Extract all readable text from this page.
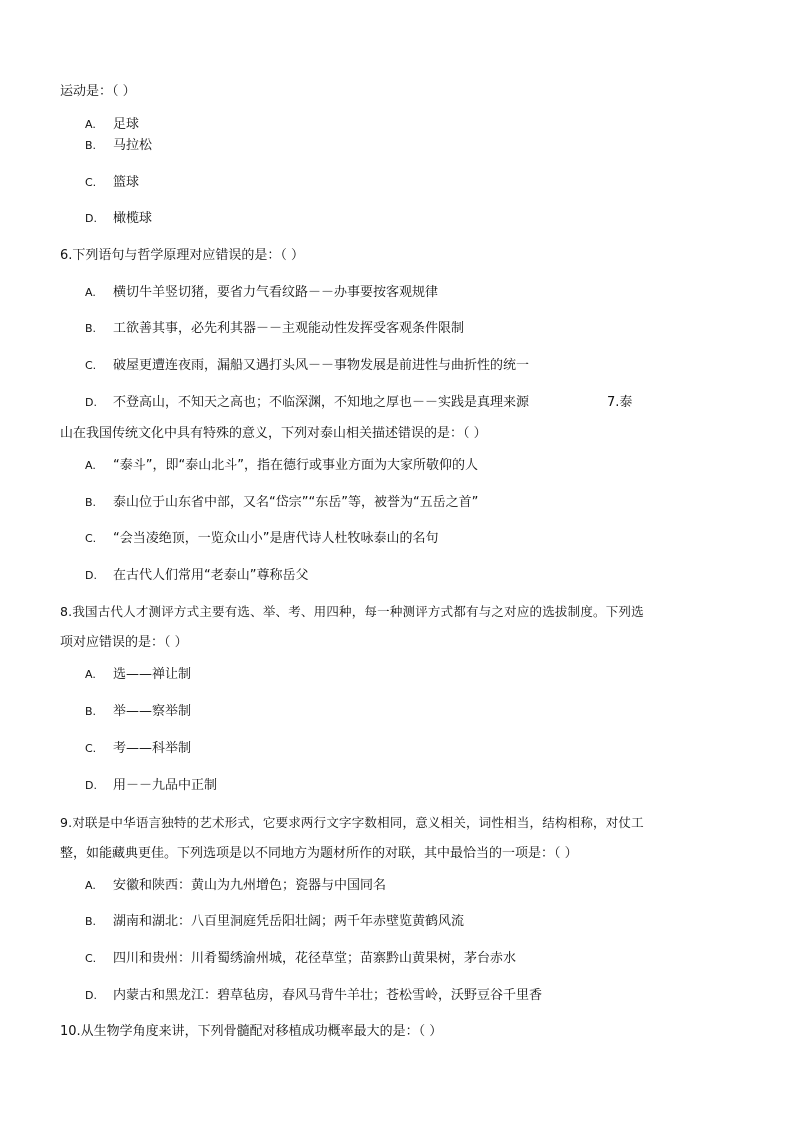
运动是：（ ）
A. 足球
B. 马拉松
C. 篮球
D. 橄榄球
6.下列语句与哲学原理对应错误的是：（ ）
A. 横切牛羊竖切猪，要省力气看纹路－－办事要按客观规律
B. 工欲善其事，必先利其器－－主观能动性发挥受客观条件限制
C. 破屋更遭连夜雨，漏船又遇打头风－－事物发展是前进性与曲折性的统一
D. 不登高山，不知天之高也；不临深渊，不知地之厚也－－实践是真理来源	7.泰
山在我国传统文化中具有特殊的意义，下列对泰山相关描述错误的是：（ ）
A. “泰斗”，即“泰山北斗”，指在德行或事业方面为大家所敬仰的人
B. 泰山位于山东省中部，又名“岱宗”“东岳”等，被誉为“五岳之首”
C. “会当凌绝顶，一览众山小”是唐代诗人杜牧咏泰山的名句
D. 在古代人们常用“老泰山”尊称岳父
8.我国古代人才测评方式主要有选、举、考、用四种，每一种测评方式都有与之对应的选拔制度。下列选
项对应错误的是：（ ）
A. 选——禅让制
B. 举——察举制
C. 考——科举制
D. 用－－九品中正制
9.对联是中华语言独特的艺术形式，它要求两行文字字数相同，意义相关，词性相当，结构相称，对仗工
整，如能藏典更佳。下列选项是以不同地方为题材所作的对联，其中最恰当的一项是：（ ）
A. 安徽和陕西：黄山为九州增色；瓷器与中国同名
B. 湖南和湖北：八百里洞庭凭岳阳壮阔；两千年赤壁览黄鹤风流
C. 四川和贵州：川肴蜀绣渝州城，花径草堂；苗寨黔山黄果树，茅台赤水
D. 内蒙古和黑龙江：碧草毡房，春风马背牛羊壮；苍松雪岭，沃野豆谷千里香
10.从生物学角度来讲，下列骨髓配对移植成功概率最大的是：（ ）
